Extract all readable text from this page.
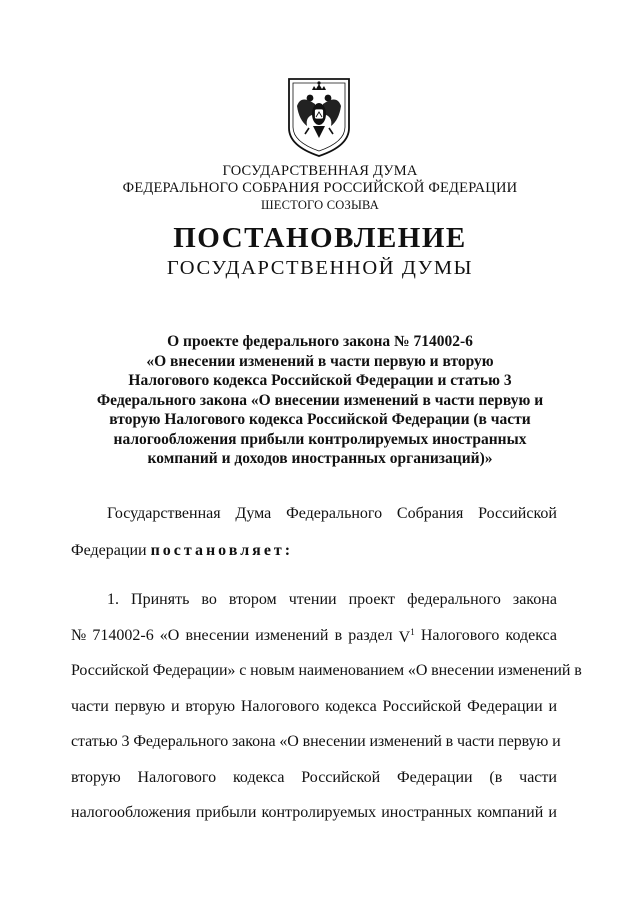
ГОСУДАРСТВЕННАЯ ДУМА
ФЕДЕРАЛЬНОГО СОБРАНИЯ РОССИЙСКОЙ ФЕДЕРАЦИИ
ШЕСТОГО СОЗЫВА
ПОСТАНОВЛЕНИЕ
ГОСУДАРСТВЕННОЙ ДУМЫ
О проекте федерального закона № 714002-6
«О внесении изменений в части первую и вторую
Налогового кодекса Российской Федерации и статью 3
Федерального закона «О внесении изменений в части первую и
вторую Налогового кодекса Российской Федерации (в части
налогообложения прибыли контролируемых иностранных
компаний и доходов иностранных организаций)»
Государственная Дума Федерального Собрания Российской
Федерации постановляет:
1. Принять во втором чтении проект федерального закона
№ 714002-6 «О внесении изменений в раздел $V^1$ Налогового кодекса
Российской Федерации» с новым наименованием «О внесении изменений в
части первую и вторую Налогового кодекса Российской Федерации и
статью 3 Федерального закона «О внесении изменений в части первую и
вторую Налогового кодекса Российской Федерации (в части
налогообложения прибыли контролируемых иностранных компаний и
